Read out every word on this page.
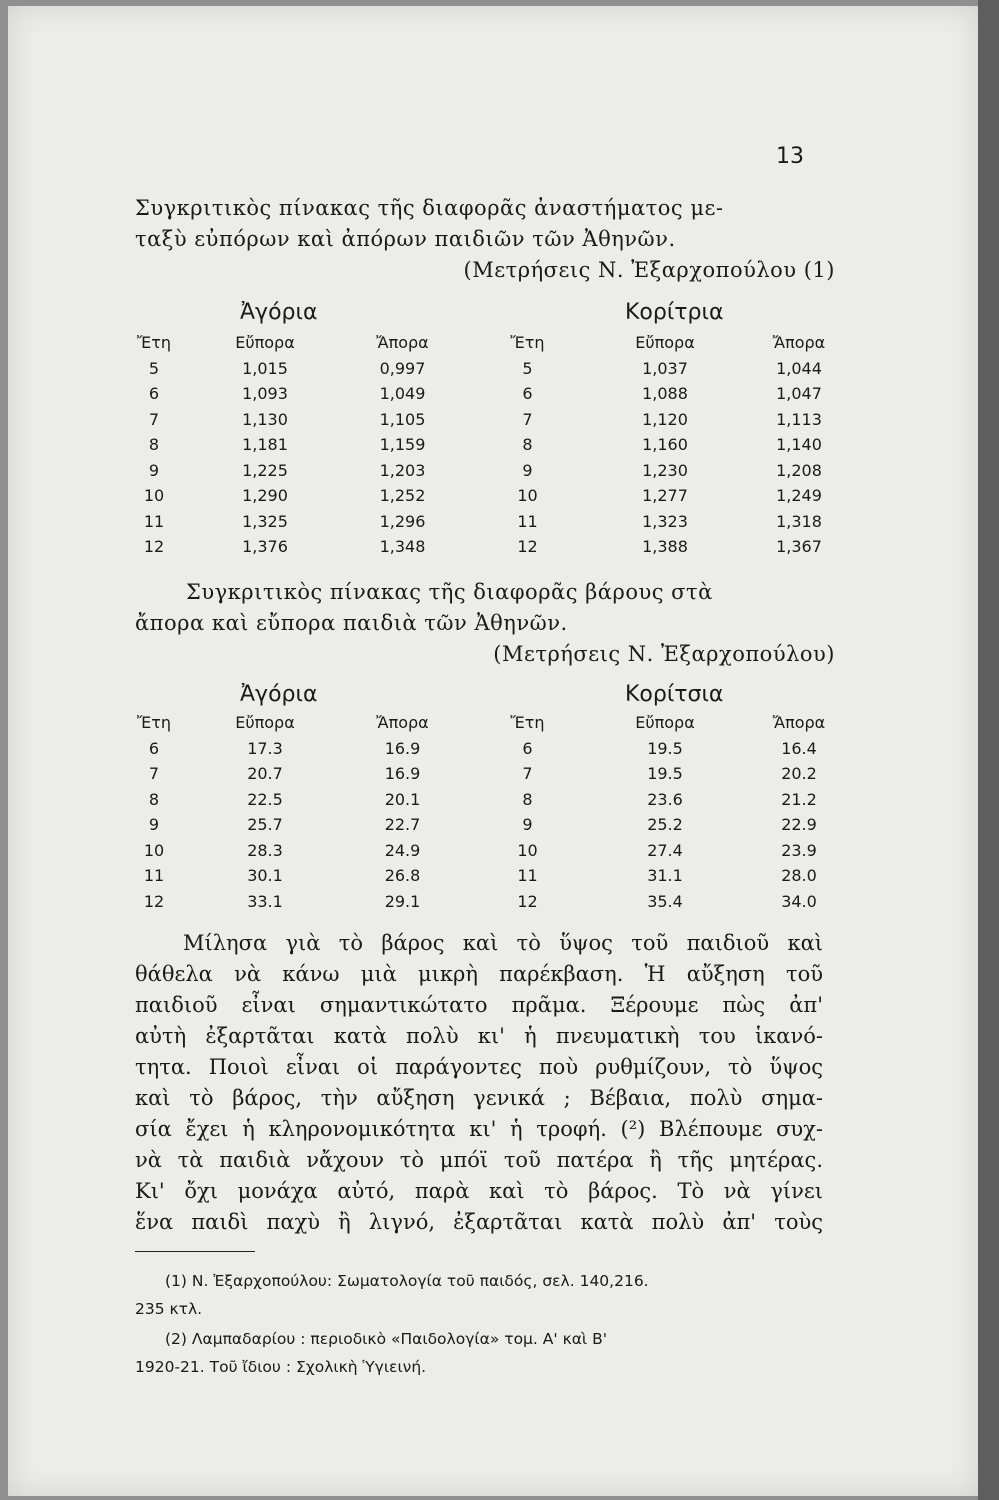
13
Συγκριτικὸς πίνακας τῆς διαφορᾶς ἀναστήματος με-
ταξὺ εὐπόρων καὶ ἀπόρων παιδιῶν τῶν Ἀθηνῶν.
(Μετρήσεις Ν. Ἐξαρχοπούλου (1)
Ἀγόρια	Κορίτρια
Ἔτη	Εὔπορα	Ἄπορα	Ἔτη	Εὔπορα	Ἄπορα
5	1,015	0,997	5	1,037	1,044
6	1,093	1,049	6	1,088	1,047
7	1,130	1,105	7	1,120	1,113
8	1,181	1,159	8	1,160	1,140
9	1,225	1,203	9	1,230	1,208
10	1,290	1,252	10	1,277	1,249
11	1,325	1,296	11	1,323	1,318
12	1,376	1,348	12	1,388	1,367
Συγκριτικὸς πίνακας τῆς διαφορᾶς βάρους στὰ
ἄπορα καὶ εὔπορα παιδιὰ τῶν Ἀθηνῶν.
(Μετρήσεις Ν. Ἐξαρχοπούλου)
Ἀγόρια	Κορίτσια
Ἔτη	Εὔπορα	Ἄπορα	Ἔτη	Εὔπορα	Ἄπορα
6	17.3	16.9	6	19.5	16.4
7	20.7	16.9	7	19.5	20.2
8	22.5	20.1	8	23.6	21.2
9	25.7	22.7	9	25.2	22.9
10	28.3	24.9	10	27.4	23.9
11	30.1	26.8	11	31.1	28.0
12	33.1	29.1	12	35.4	34.0
Μίλησα γιὰ τὸ βάρος καὶ τὸ ὕψος τοῦ παιδιοῦ καὶ
θάθελα νὰ κάνω μιὰ μικρὴ παρέκβαση. Ἡ αὔξηση τοῦ
παιδιοῦ εἶναι σημαντικώτατο πρᾶμα. Ξέρουμε πὼς ἀπ'
αὐτὴ ἐξαρτᾶται κατὰ πολὺ κι' ἡ πνευματικὴ του ἱκανό-
τητα. Ποιοὶ εἶναι οἱ παράγοντες ποὺ ρυθμίζουν, τὸ ὕψος
καὶ τὸ βάρος, τὴν αὔξηση γενικά ; Βέβαια, πολὺ σημα-
σία ἔχει ἡ κληρονομικότητα κι' ἡ τροφή. (²) Βλέπουμε συχ-
νὰ τὰ παιδιὰ νἄχουν τὸ μπόϊ τοῦ πατέρα ἢ τῆς μητέρας.
Κι' ὄχι μονάχα αὐτό, παρὰ καὶ τὸ βάρος. Τὸ νὰ γίνει
ἕνα παιδὶ παχὺ ἢ λιγνό, ἐξαρτᾶται κατὰ πολὺ ἀπ' τοὺς
(1) Ν. Ἐξαρχοπούλου: Σωματολογία τοῦ παιδός, σελ. 140,216.
235 κτλ.
(2) Λαμπαδαρίου : περιοδικὸ «Παιδολογία» τομ. Α' καὶ Β'
1920-21. Τοῦ ἴδιου : Σχολικὴ Ὑγιεινή.
